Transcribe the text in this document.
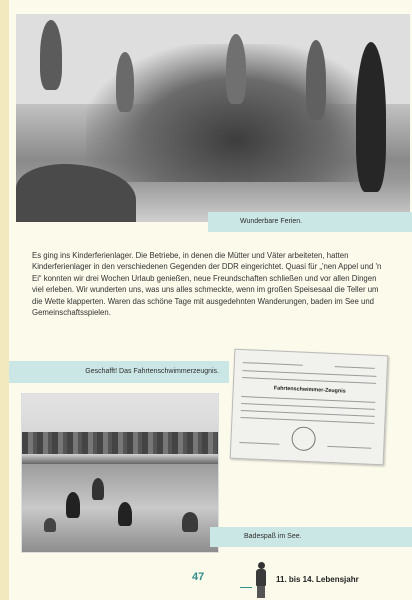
Wunderbare Ferien.

Es ging ins Kinderferienlager. Die Betriebe, in denen die Mütter und Väter arbeiteten, hatten Kinderferienlager in den verschiedenen Gegenden der DDR eingerichtet. Quasi für „'nen Appel und 'n Ei“ konnten wir drei Wochen Urlaub genießen, neue Freundschaften schließen und vor allen Dingen viel erleben. Wir wunderten uns, was uns alles schmeckte, wenn im großen Speisesaal die Teller um die Wette klapperten. Waren das schöne Tage mit ausgedehnten Wanderungen, baden im See und Gemeinschaftsspielen.

Geschafft! Das Fahrtenschwimmerzeugnis.
Fahrtenschwimmer-Zeugnis
Badespaß im See.
47	11. bis 14. Lebensjahr
